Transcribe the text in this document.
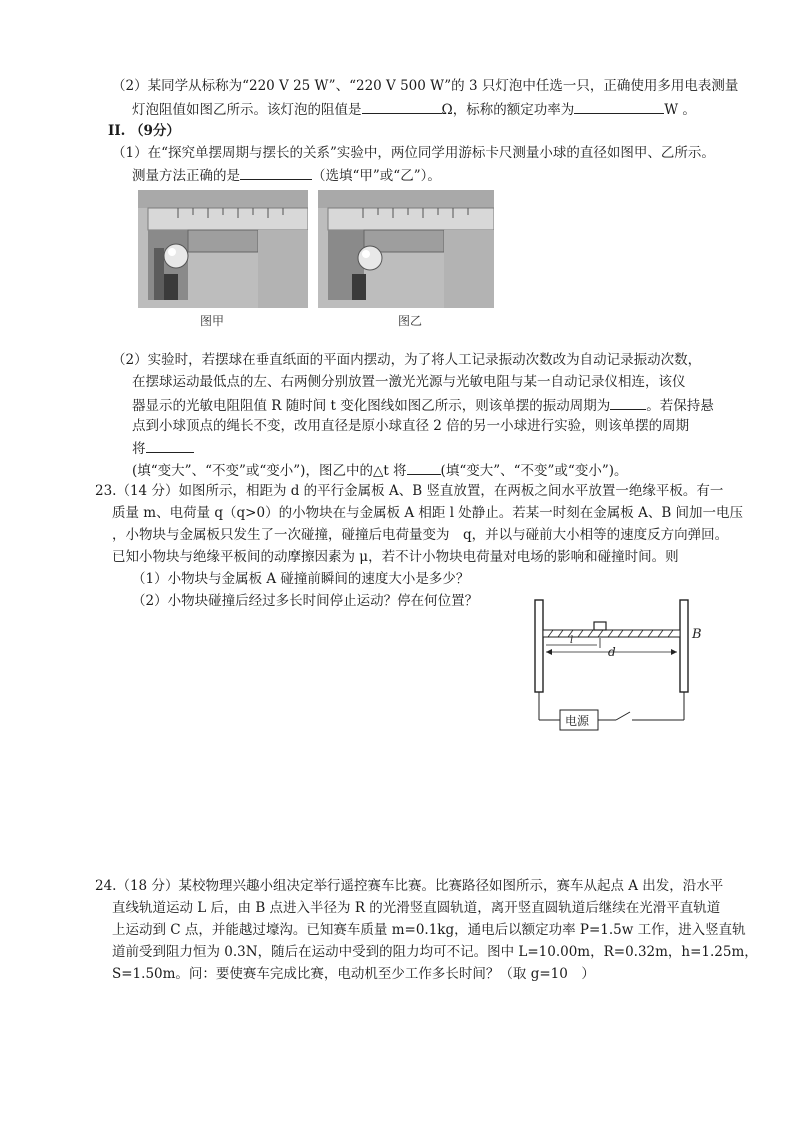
（2）某同学从标称为“220 V 25 W”、“220 V 500 W”的 3 只灯泡中任选一只，正确使用多用电表测量
灯泡阻值如图乙所示。该灯泡的阻值是	Ω，标称的额定功率为	W 。
II. （9分）
（1）在“探究单摆周期与摆长的关系”实验中，两位同学用游标卡尺测量小球的直径如图甲、乙所示。
测量方法正确的是	（选填“甲”或“乙”）。
图甲	图乙
（2）实验时，若摆球在垂直纸面的平面内摆动，为了将人工记录振动次数改为自动记录振动次数，
在摆球运动最低点的左、右两侧分别放置一激光光源与光敏电阻与某一自动记录仪相连，该仪
器显示的光敏电阻阻值 R 随时间 t 变化图线如图乙所示，则该单摆的振动周期为	。若保持悬
点到小球顶点的绳长不变，改用直径是原小球直径 2 倍的另一小球进行实验，则该单摆的周期
将
(填“变大”、“不变”或“变小”)，图乙中的△t 将	(填“变大”、“不变”或“变小”)。
23.（14 分）如图所示，相距为 d 的平行金属板 A、B 竖直放置，在两板之间水平放置一绝缘平板。有一
质量 m、电荷量 q（q>0）的小物块在与金属板 A 相距 l 处静止。若某一时刻在金属板 A、B 间加一电压
，小物块与金属板只发生了一次碰撞，碰撞后电荷量变为　q，并以与碰前大小相等的速度反方向弹回。
已知小物块与绝缘平板间的动摩擦因素为 μ，若不计小物块电荷量对电场的影响和碰撞时间。则
（1）小物块与金属板 A 碰撞前瞬间的速度大小是多少？
（2）小物块碰撞后经过多长时间停止运动？停在何位置？
B
l
d
电源
24.（18 分）某校物理兴趣小组决定举行遥控赛车比赛。比赛路径如图所示，赛车从起点 A 出发，沿水平
直线轨道运动 L 后，由 B 点进入半径为 R 的光滑竖直圆轨道，离开竖直圆轨道后继续在光滑平直轨道
上运动到 C 点，并能越过壕沟。已知赛车质量 m=0.1kg，通电后以额定功率 P=1.5w 工作，进入竖直轨
道前受到阻力恒为 0.3N，随后在运动中受到的阻力均可不记。图中 L=10.00m，R=0.32m，h=1.25m，
S=1.50m。问：要使赛车完成比赛，电动机至少工作多长时间？（取 g=10　）
